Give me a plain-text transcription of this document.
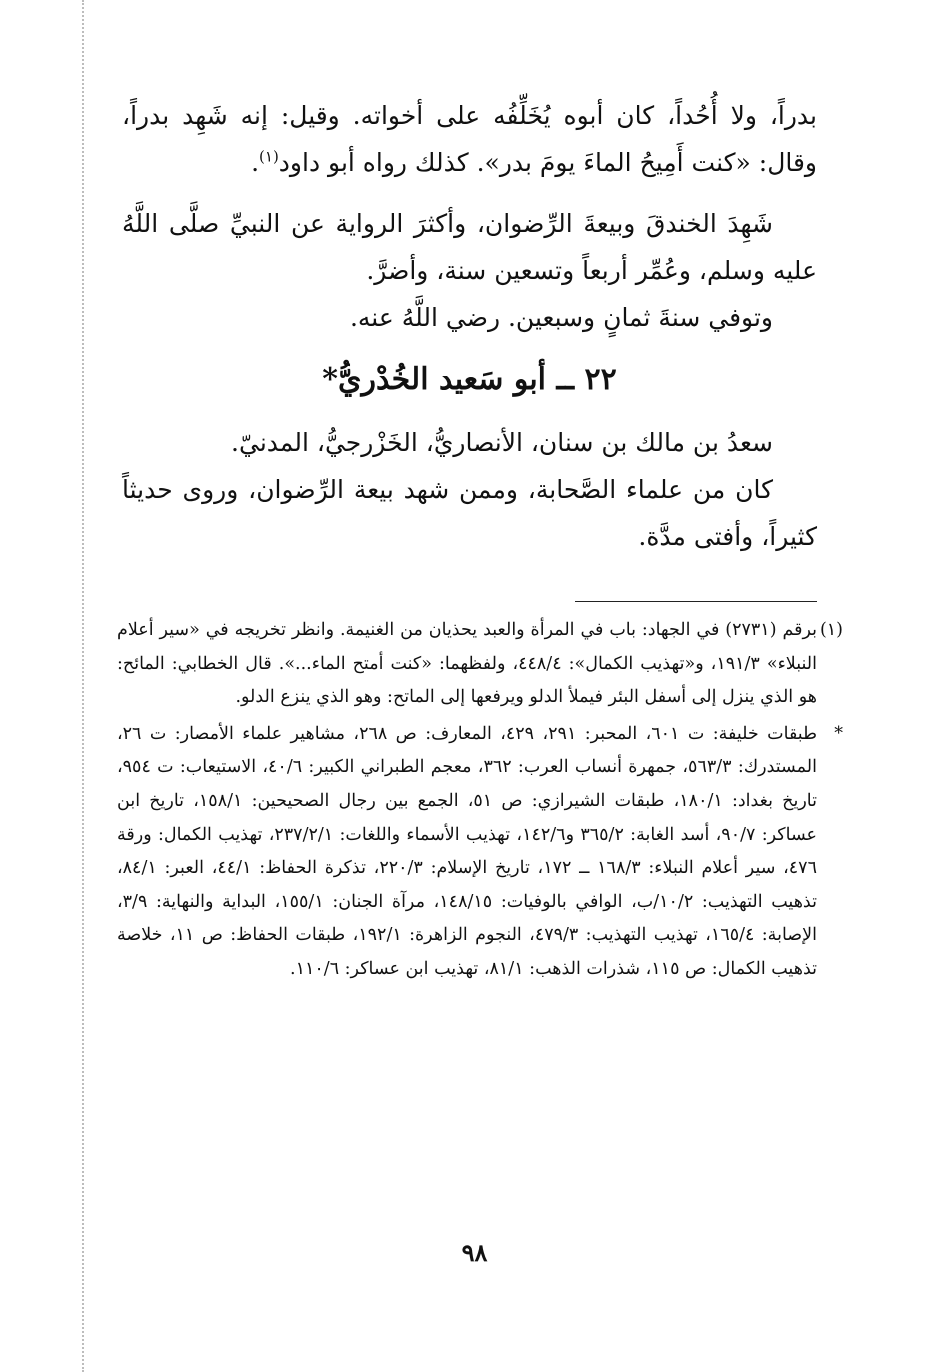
بدراً، ولا أُحُداً، كان أبوه يُخَلِّفُه على أخواته. وقيل: إنه شَهِد بدراً، وقال: «كنت أَمِيحُ الماءَ يومَ بدر». كذلك رواه أبو داود$^{(١)}$.

شَهِدَ الخندقَ وبيعةَ الرِّضوان، وأكثرَ الرواية عن النبيِّ صلَّى اللَّهُ عليه وسلم، وعُمِّر أربعاً وتسعين سنة، وأضرَّ.

وتوفي سنةَ ثمانٍ وسبعين. رضي اللَّهُ عنه.

٢٢ ــ أبو سَعيد الخُدْريُّ*

سعدُ بن مالك بن سنان، الأنصاريُّ، الخَزْرجيُّ، المدنيّ.

كان من علماء الصَّحابة، وممن شهد بيعة الرِّضوان، وروى حديثاً كثيراً، وأفتى مدَّة.

(١)
برقم (٢٧٣١) في الجهاد: باب في المرأة والعبد يحذيان من الغنيمة. وانظر تخريجه في «سير أعلام النبلاء» ١٩١/٣، و«تهذيب الكمال»: ٤٤٨/٤، ولفظهما: «كنت أمتح الماء...». قال الخطابي: المائح: هو الذي ينزل إلى أسفل البئر فيملأ الدلو ويرفعها إلى الماتح: وهو الذي ينزع الدلو.
*
طبقات خليفة: ت ٦٠١، المحبر: ٢٩١، ٤٢٩، المعارف: ص ٢٦٨، مشاهير علماء الأمصار: ت ٢٦، المستدرك: ٥٦٣/٣، جمهرة أنساب العرب: ٣٦٢، معجم الطبراني الكبير: ٤٠/٦، الاستيعاب: ت ٩٥٤، تاريخ بغداد: ١٨٠/١، طبقات الشيرازي: ص ٥١، الجمع بين رجال الصحيحين: ١٥٨/١، تاريخ ابن عساكر: ٩٠/٧، أسد الغابة: ٣٦٥/٢ و١٤٢/٦، تهذيب الأسماء واللغات: ٢٣٧/٢/١، تهذيب الكمال: ورقة ٤٧٦، سير أعلام النبلاء: ١٦٨/٣ ــ ١٧٢، تاريخ الإسلام: ٢٢٠/٣، تذكرة الحفاظ: ٤٤/١، العبر: ٨٤/١، تذهيب التهذيب: ١٠/٢/ب، الوافي بالوفيات: ١٤٨/١٥، مرآة الجنان: ١٥٥/١، البداية والنهاية: ٣/٩، الإصابة: ١٦٥/٤، تهذيب التهذيب: ٤٧٩/٣، النجوم الزاهرة: ١٩٢/١، طبقات الحفاظ: ص ١١، خلاصة تذهيب الكمال: ص ١١٥، شذرات الذهب: ٨١/١، تهذيب ابن عساكر: ١١٠/٦.
٩٨
